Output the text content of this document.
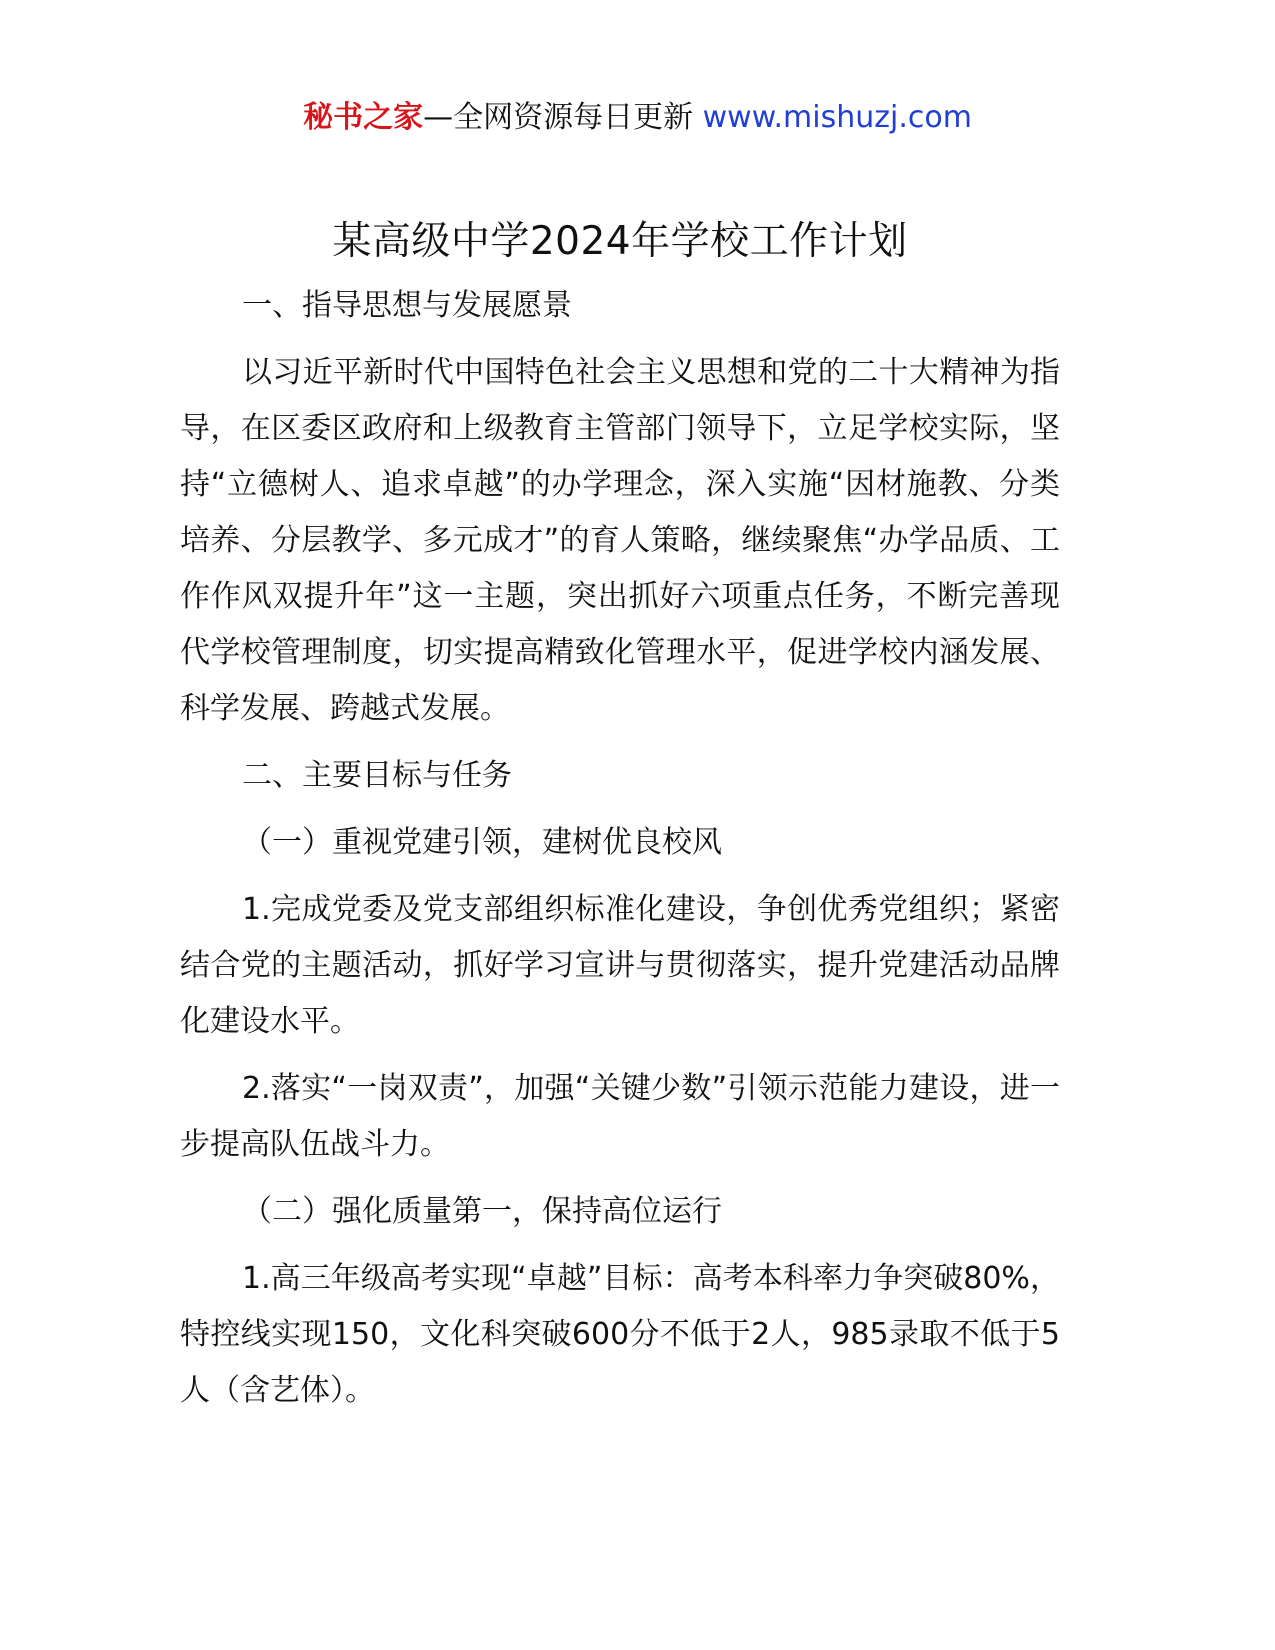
秘书之家—全网资源每日更新 www.mishuzj.com
某高级中学2024年学校工作计划
一、指导思想与发展愿景
以习近平新时代中国特色社会主义思想和党的二十大精神为指导，在区委区政府和上级教育主管部门领导下，立足学校实际，坚持“立德树人、追求卓越”的办学理念，深入实施“因材施教、分类培养、分层教学、多元成才”的育人策略，继续聚焦“办学品质、工作作风双提升年”这一主题，突出抓好六项重点任务，不断完善现代学校管理制度，切实提高精致化管理水平，促进学校内涵发展、科学发展、跨越式发展。
二、主要目标与任务
（一）重视党建引领，建树优良校风
1.完成党委及党支部组织标准化建设，争创优秀党组织；紧密结合党的主题活动，抓好学习宣讲与贯彻落实，提升党建活动品牌化建设水平。
2.落实“一岗双责”，加强“关键少数”引领示范能力建设，进一步提高队伍战斗力。
（二）强化质量第一，保持高位运行
1.高三年级高考实现“卓越”目标：高考本科率力争突破80%，特控线实现150，文化科突破600分不低于2人，985录取不低于5人（含艺体）。
